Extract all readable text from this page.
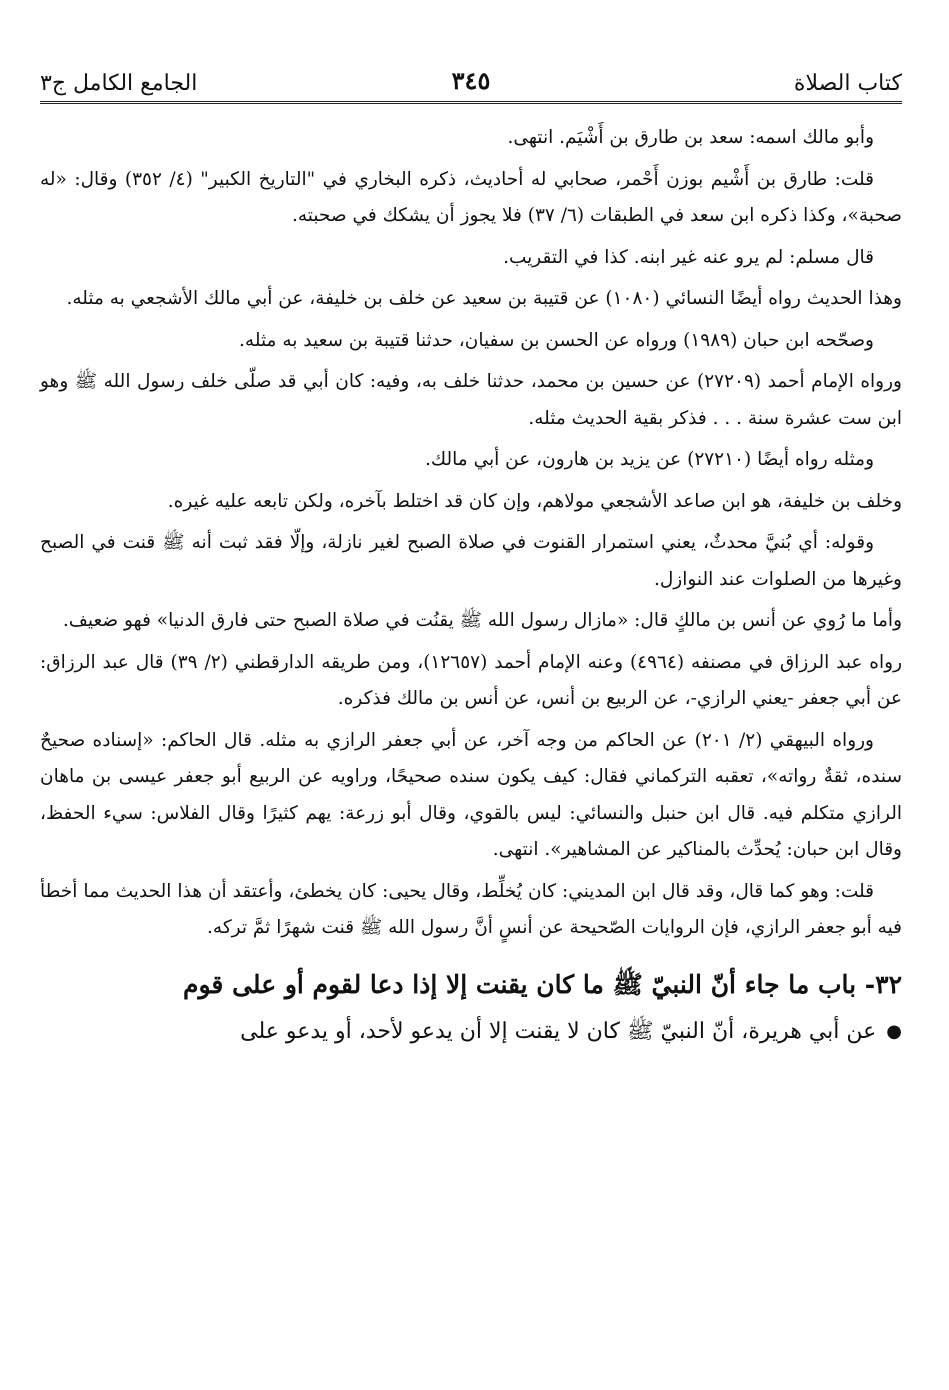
كتاب الصلاة
٣٤٥
الجامع الكامل ج٣

وأبو مالك اسمه: سعد بن طارق بن أَشْيَم. انتهى.

قلت: طارق بن أَشْيم بوزن أَحْمر، صحابي له أحاديث، ذكره البخاري في "التاريخ الكبير" (٤/ ٣٥٢) وقال: «له صحبة»، وكذا ذكره ابن سعد في الطبقات (٦/ ٣٧) فلا يجوز أن يشكك في صحبته.

قال مسلم: لم يرو عنه غير ابنه. كذا في التقريب.

وهذا الحديث رواه أيضًا النسائي (١٠٨٠) عن قتيبة بن سعيد عن خلف بن خليفة، عن أبي مالك الأشجعي به مثله.

وصحّحه ابن حبان (١٩٨٩) ورواه عن الحسن بن سفيان، حدثنا قتيبة بن سعيد به مثله.

ورواه الإمام أحمد (٢٧٢٠٩) عن حسين بن محمد، حدثنا خلف به، وفيه: كان أبي قد صلّى خلف رسول الله ﷺ وهو ابن ست عشرة سنة . . . فذكر بقية الحديث مثله.

ومثله رواه أيضًا (٢٧٢١٠) عن يزيد بن هارون، عن أبي مالك.

وخلف بن خليفة، هو ابن صاعد الأشجعي مولاهم، وإن كان قد اختلط بآخره، ولكن تابعه عليه غيره.

وقوله: أي بُنيَّ محدثٌ، يعني استمرار القنوت في صلاة الصبح لغير نازلة، وإلّا فقد ثبت أنه ﷺ قنت في الصبح وغيرها من الصلوات عند النوازل.

وأما ما رُوي عن أنس بن مالكٍ قال: «مازال رسول الله ﷺ يقنُت في صلاة الصبح حتى فارق الدنيا» فهو ضعيف.

رواه عبد الرزاق في مصنفه (٤٩٦٤) وعنه الإمام أحمد (١٢٦٥٧)، ومن طريقه الدارقطني (٢/ ٣٩) قال عبد الرزاق: عن أبي جعفر -يعني الرازي-، عن الربيع بن أنس، عن أنس بن مالك فذكره.

ورواه البيهقي (٢/ ٢٠١) عن الحاكم من وجه آخر، عن أبي جعفر الرازي به مثله. قال الحاكم: «إسناده صحيحٌ سنده، ثقةٌ رواته»، تعقبه التركماني فقال: كيف يكون سنده صحيحًا، وراويه عن الربيع أبو جعفر عيسى بن ماهان الرازي متكلم فيه. قال ابن حنبل والنسائي: ليس بالقوي، وقال أبو زرعة: يهم كثيرًا وقال الفلاس: سيء الحفظ، وقال ابن حبان: يُحدِّث بالمناكير عن المشاهير». انتهى.

قلت: وهو كما قال، وقد قال ابن المديني: كان يُخلِّط، وقال يحيى: كان يخطئ، وأعتقد أن هذا الحديث مما أخطأ فيه أبو جعفر الرازي، فإن الروايات الصّحيحة عن أنسٍ أنَّ رسول الله ﷺ قنت شهرًا ثمَّ تركه.

٣٢- باب ما جاء أنّ النبيّ ﷺ ما كان يقنت إلا إذا دعا لقوم أو على قوم
●
عن أبي هريرة، أنّ النبيّ ﷺ كان لا يقنت إلا أن يدعو لأحد، أو يدعو على
